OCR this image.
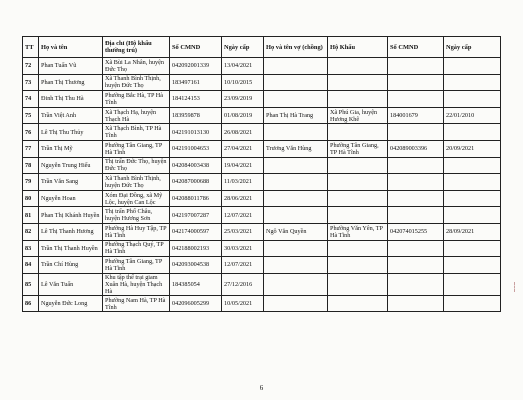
TT	Họ và tên	Địa chỉ (Hộ khẩu thường trú)	Số CMND	Ngày cấp	Họ và tên vợ (chồng)	Hộ Khẩu	Số CMND	Ngày cấp
72	Phan Tuấn Vũ	Xã Bùi La Nhân, huyện Đức Thọ	042092001339	13/04/2021				
73	Phan Thị Thương	Xã Thanh Bình Thịnh, huyện Đức Thọ	183497161	10/10/2015				
74	Đinh Thị Thu Hà	Phường Bắc Hà, TP Hà Tĩnh	184124153	23/09/2019				
75	Trần Việt Anh	Xã Thạch Hạ, huyện Thạch Hà	183959878	01/08/2019	Phan Thị Hà Trang	Xã Phú Gia, huyện Hương Khê	184001679	22/01/2010
76	Lê Thị Thu Thủy	Xã Thạch Bình, TP Hà Tĩnh	042191013130	26/08/2021				
77	Trần Thị Mỹ	Phường Tân Giang, TP Hà Tĩnh	042191004653	27/04/2021	Trương Văn Hùng	Phường Tân Giang, TP Hà Tĩnh	042089003396	20/09/2021
78	Nguyễn Trung Hiếu	Thị trấn Đức Thọ, huyện Đức Thọ	042084003438	19/04/2021				
79	Trần Văn Sang	Xã Thanh Bình Thịnh, huyện Đức Thọ	042087000688	11/03/2021				
80	Nguyễn Hoan	Xóm Đại Đồng, xã Mỹ Lộc, huyện Can Lộc	042088011786	28/06/2021				
81	Phan Thị Khánh Huyền	Thị trấn Phố Châu, huyện Hương Sơn	042197007287	12/07/2021				
82	Lê Thị Thanh Hương	Phường Hà Huy Tập, TP Hà Tĩnh	042174000597	25/03/2021	Ngô Văn Quyền	Phường Văn Yên, TP Hà Tĩnh	042074015255	28/09/2021
83	Trần Thị Thanh Huyền	Phường Thạch Quý, TP Hà Tĩnh	042188002193	30/03/2021				
84	Trần Chí Hùng	Phường Tân Giang, TP Hà Tĩnh	042093004538	12/07/2021				
85	Lê Văn Tuấn	Khu tập thể trại giam Xuân Hà, huyện Thạch Hà	184385054	27/12/2016				
86	Nguyễn Đức Long	Phường Nam Hà, TP Hà Tĩnh	042096005299	10/05/2021				
6
